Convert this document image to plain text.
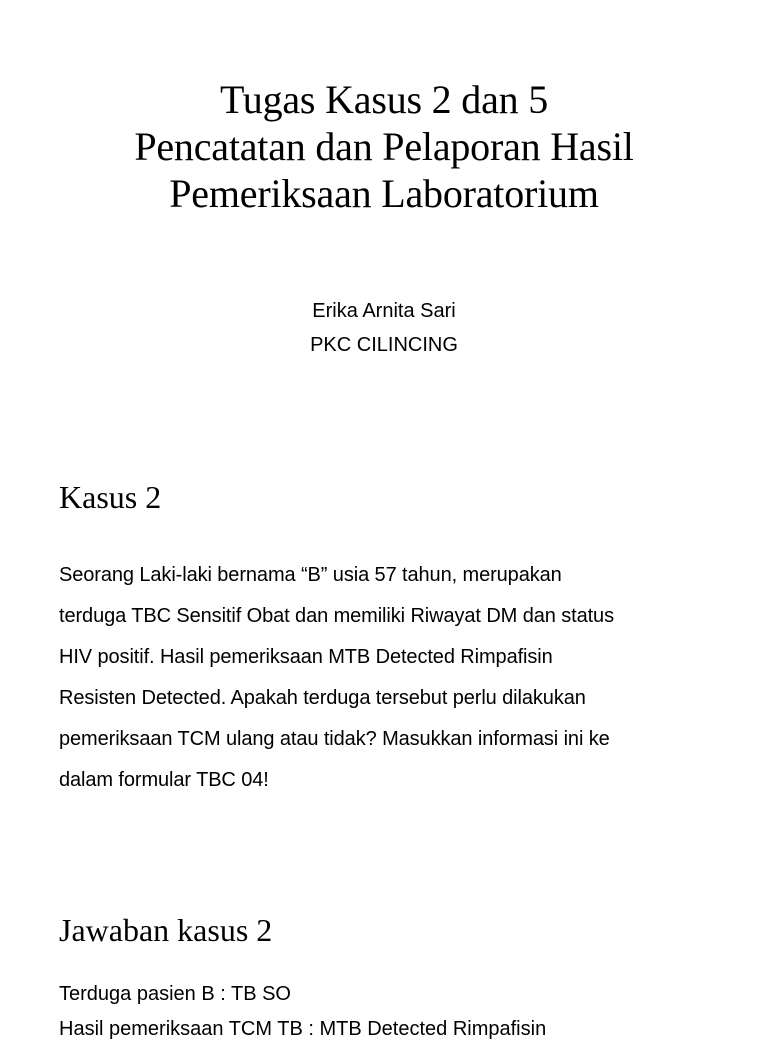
Tugas Kasus 2 dan 5
Pencatatan dan Pelaporan Hasil
Pemeriksaan Laboratorium
Erika Arnita Sari
PKC CILINCING
Kasus 2
Seorang Laki-laki bernama “B” usia 57 tahun, merupakan
terduga TBC Sensitif Obat dan memiliki Riwayat DM dan status
HIV positif. Hasil pemeriksaan MTB Detected Rimpafisin
Resisten Detected. Apakah terduga tersebut perlu dilakukan
pemeriksaan TCM ulang atau tidak? Masukkan informasi ini ke
dalam formular TBC 04!
Jawaban kasus 2
Terduga pasien B : TB SO
Hasil pemeriksaan TCM TB : MTB Detected Rimpafisin
